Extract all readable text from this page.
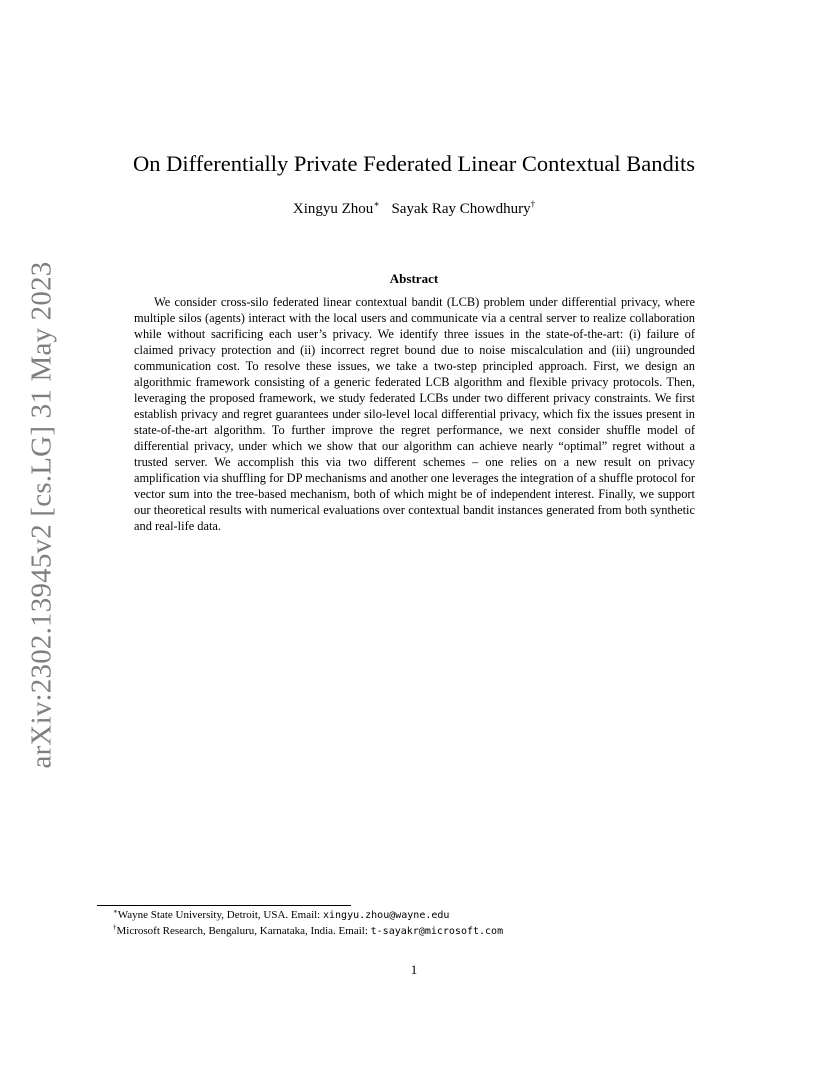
arXiv:2302.13945v2 [cs.LG] 31 May 2023
On Differentially Private Federated Linear Contextual Bandits
Xingyu Zhou∗ Sayak Ray Chowdhury†
Abstract

We consider cross-silo federated linear contextual bandit (LCB) problem under differential privacy, where multiple silos (agents) interact with the local users and communicate via a central server to realize collaboration while without sacrificing each user’s privacy. We identify three issues in the state-of-the-art: (i) failure of claimed privacy protection and (ii) incorrect regret bound due to noise miscalculation and (iii) ungrounded communication cost. To resolve these issues, we take a two-step principled approach. First, we design an algorithmic framework consisting of a generic federated LCB algorithm and flexible privacy protocols. Then, leveraging the proposed framework, we study federated LCBs under two different privacy constraints. We first establish privacy and regret guarantees under silo-level local differential privacy, which fix the issues present in state-of-the-art algorithm. To further improve the regret performance, we next consider shuffle model of differential privacy, under which we show that our algorithm can achieve nearly “optimal” regret without a trusted server. We accomplish this via two different schemes – one relies on a new result on privacy amplification via shuffling for DP mechanisms and another one leverages the integration of a shuffle protocol for vector sum into the tree-based mechanism, both of which might be of independent interest. Finally, we support our theoretical results with numerical evaluations over contextual bandit instances generated from both synthetic and real-life data.

∗Wayne State University, Detroit, USA. Email: xingyu.zhou@wayne.edu
†Microsoft Research, Bengaluru, Karnataka, India. Email: t-sayakr@microsoft.com
1
